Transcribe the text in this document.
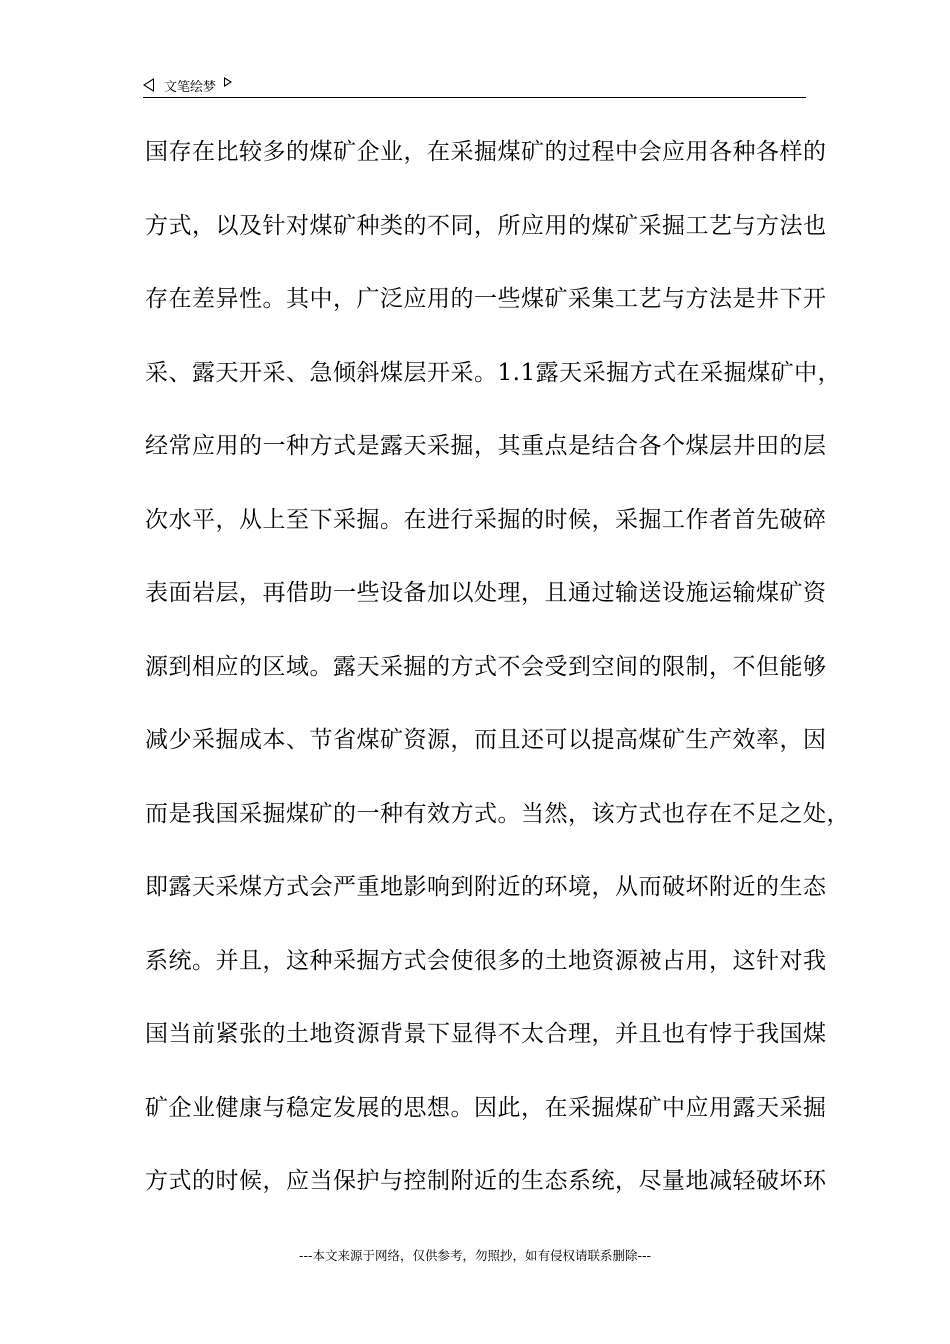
文笔绘梦
国存在比较多的煤矿企业，在采掘煤矿的过程中会应用各种各样的
方式，以及针对煤矿种类的不同，所应用的煤矿采掘工艺与方法也
存在差异性。其中，广泛应用的一些煤矿采集工艺与方法是井下开
采、露天开采、急倾斜煤层开采。1.1露天采掘方式在采掘煤矿中，
经常应用的一种方式是露天采掘，其重点是结合各个煤层井田的层
次水平，从上至下采掘。在进行采掘的时候，采掘工作者首先破碎
表面岩层，再借助一些设备加以处理，且通过输送设施运输煤矿资
源到相应的区域。露天采掘的方式不会受到空间的限制，不但能够
减少采掘成本、节省煤矿资源，而且还可以提高煤矿生产效率，因
而是我国采掘煤矿的一种有效方式。当然，该方式也存在不足之处，
即露天采煤方式会严重地影响到附近的环境，从而破坏附近的生态
系统。并且，这种采掘方式会使很多的土地资源被占用，这针对我
国当前紧张的土地资源背景下显得不太合理，并且也有悖于我国煤
矿企业健康与稳定发展的思想。因此，在采掘煤矿中应用露天采掘
方式的时候，应当保护与控制附近的生态系统，尽量地减轻破坏环
---本文来源于网络，仅供参考，勿照抄，如有侵权请联系删除---
